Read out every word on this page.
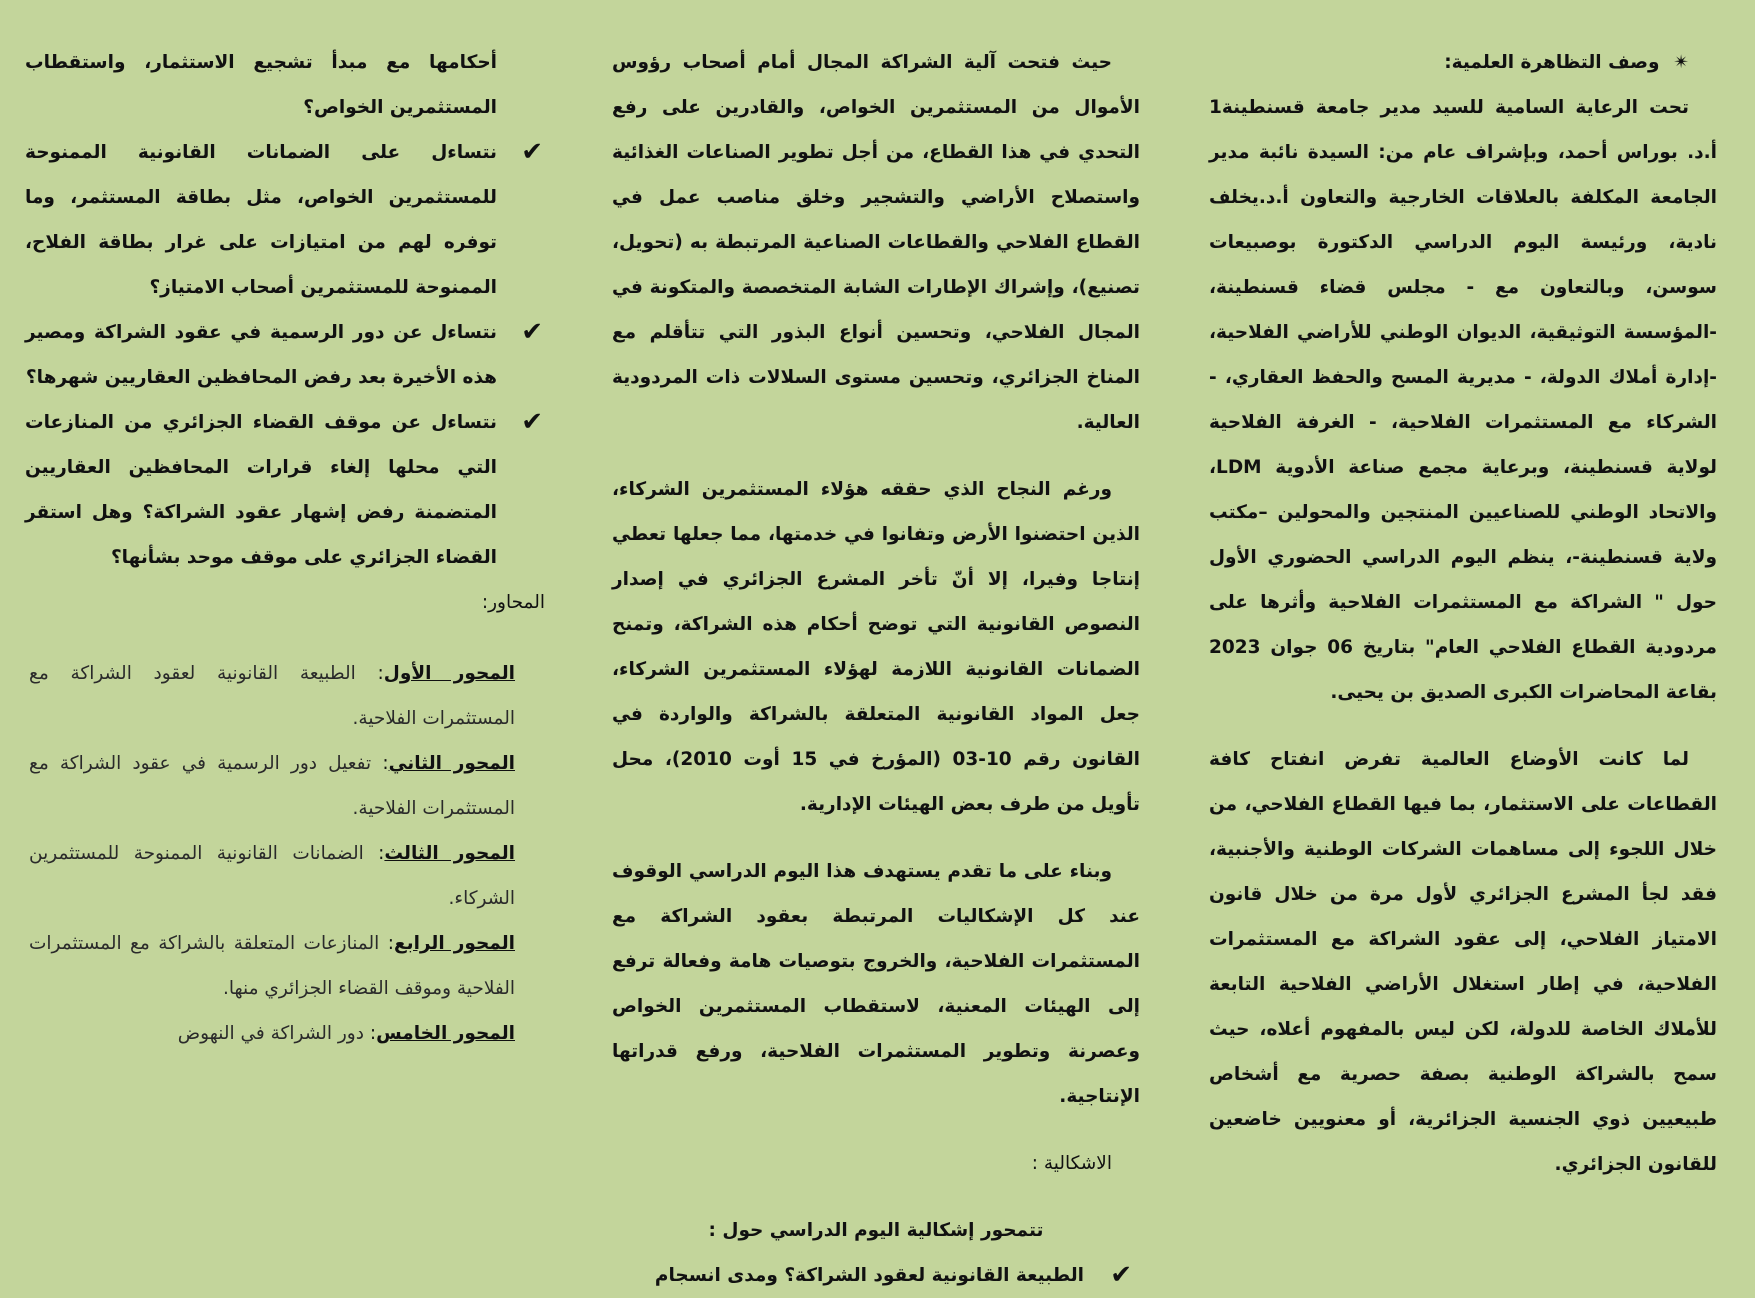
✴وصف التظاهرة العلمية:

تحت الرعاية السامية للسيد مدير جامعة قسنطينة1 أ.د. بوراس أحمد، وبإشراف عام من: السيدة نائبة مدير الجامعة المكلفة بالعلاقات الخارجية والتعاون أ.د.يخلف نادية، ورئيسة اليوم الدراسي الدكتورة بوصبيعات سوسن، وبالتعاون مع - مجلس قضاء قسنطينة، -المؤسسة التوثيقية، الديوان الوطني للأراضي الفلاحية، -إدارة أملاك الدولة، - مديرية المسح والحفظ العقاري، - الشركاء مع المستثمرات الفلاحية، - الغرفة الفلاحية لولاية قسنطينة، وبرعاية مجمع صناعة الأدوية LDM، والاتحاد الوطني للصناعيين المنتجين والمحولين –مكتب ولاية قسنطينة-، ينظم اليوم الدراسي الحضوري الأول حول " الشراكة مع المستثمرات الفلاحية وأثرها على مردودية القطاع الفلاحي العام" بتاريخ 06 جوان 2023 بقاعة المحاضرات الكبرى الصديق بن يحيى.

لما كانت الأوضاع العالمية تفرض انفتاح كافة القطاعات على الاستثمار، بما فيها القطاع الفلاحي، من خلال اللجوء إلى مساهمات الشركات الوطنية والأجنبية، فقد لجأ المشرع الجزائري لأول مرة من خلال قانون الامتياز الفلاحي، إلى عقود الشراكة مع المستثمرات الفلاحية، في إطار استغلال الأراضي الفلاحية التابعة للأملاك الخاصة للدولة، لكن ليس بالمفهوم أعلاه، حيث سمح بالشراكة الوطنية بصفة حصرية مع أشخاص طبيعيين ذوي الجنسية الجزائرية، أو معنويين خاضعين للقانون الجزائري.

حيث فتحت آلية الشراكة المجال أمام أصحاب رؤوس الأموال من المستثمرين الخواص، والقادرين على رفع التحدي في هذا القطاع، من أجل تطوير الصناعات الغذائية واستصلاح الأراضي والتشجير وخلق مناصب عمل في القطاع الفلاحي والقطاعات الصناعية المرتبطة به (تحويل، تصنيع)، وإشراك الإطارات الشابة المتخصصة والمتكونة في المجال الفلاحي، وتحسين أنواع البذور التي تتأقلم مع المناخ الجزائري، وتحسين مستوى السلالات ذات المردودية العالية.

ورغم النجاح الذي حققه هؤلاء المستثمرين الشركاء، الذين احتضنوا الأرض وتفانوا في خدمتها، مما جعلها تعطي إنتاجا وفيرا، إلا أنّ تأخر المشرع الجزائري في إصدار النصوص القانونية التي توضح أحكام هذه الشراكة، وتمنح الضمانات القانونية اللازمة لهؤلاء المستثمرين الشركاء، جعل المواد القانونية المتعلقة بالشراكة والواردة في القانون رقم 10-03 (المؤرخ في 15 أوت 2010)، محل تأويل من طرف بعض الهيئات الإدارية.

وبناء على ما تقدم يستهدف هذا اليوم الدراسي الوقوف عند كل الإشكاليات المرتبطة بعقود الشراكة مع المستثمرات الفلاحية، والخروج بتوصيات هامة وفعالة ترفع إلى الهيئات المعنية، لاستقطاب المستثمرين الخواص وعصرنة وتطوير المستثمرات الفلاحية، ورفع قدراتها الإنتاجية.

الاشكالية :

تتمحور إشكالية اليوم الدراسي حول :

✔
الطبيعة القانونية لعقود الشراكة؟ ومدى انسجام

أحكامها مع مبدأ تشجيع الاستثمار، واستقطاب المستثمرين الخواص؟

✔
نتساءل على الضمانات القانونية الممنوحة للمستثمرين الخواص، مثل بطاقة المستثمر، وما توفره لهم من امتيازات على غرار بطاقة الفلاح، الممنوحة للمستثمرين أصحاب الامتياز؟

✔
نتساءل عن دور الرسمية في عقود الشراكة ومصير هذه الأخيرة بعد رفض المحافظين العقاريين شهرها؟

✔
نتساءل عن موقف القضاء الجزائري من المنازعات التي محلها إلغاء قرارات المحافظين العقاريين المتضمنة رفض إشهار عقود الشراكة؟ وهل استقر القضاء الجزائري على موقف موحد بشأنها؟

المحاور:

المحور الأول: الطبيعة القانونية لعقود الشراكة مع المستثمرات الفلاحية.

المحور الثاني: تفعيل دور الرسمية في عقود الشراكة مع المستثمرات الفلاحية.

المحور الثالث: الضمانات القانونية الممنوحة للمستثمرين الشركاء.

المحور الرابع: المنازعات المتعلقة بالشراكة مع المستثمرات الفلاحية وموقف القضاء الجزائري منها.

المحور الخامس: دور الشراكة في النهوض
